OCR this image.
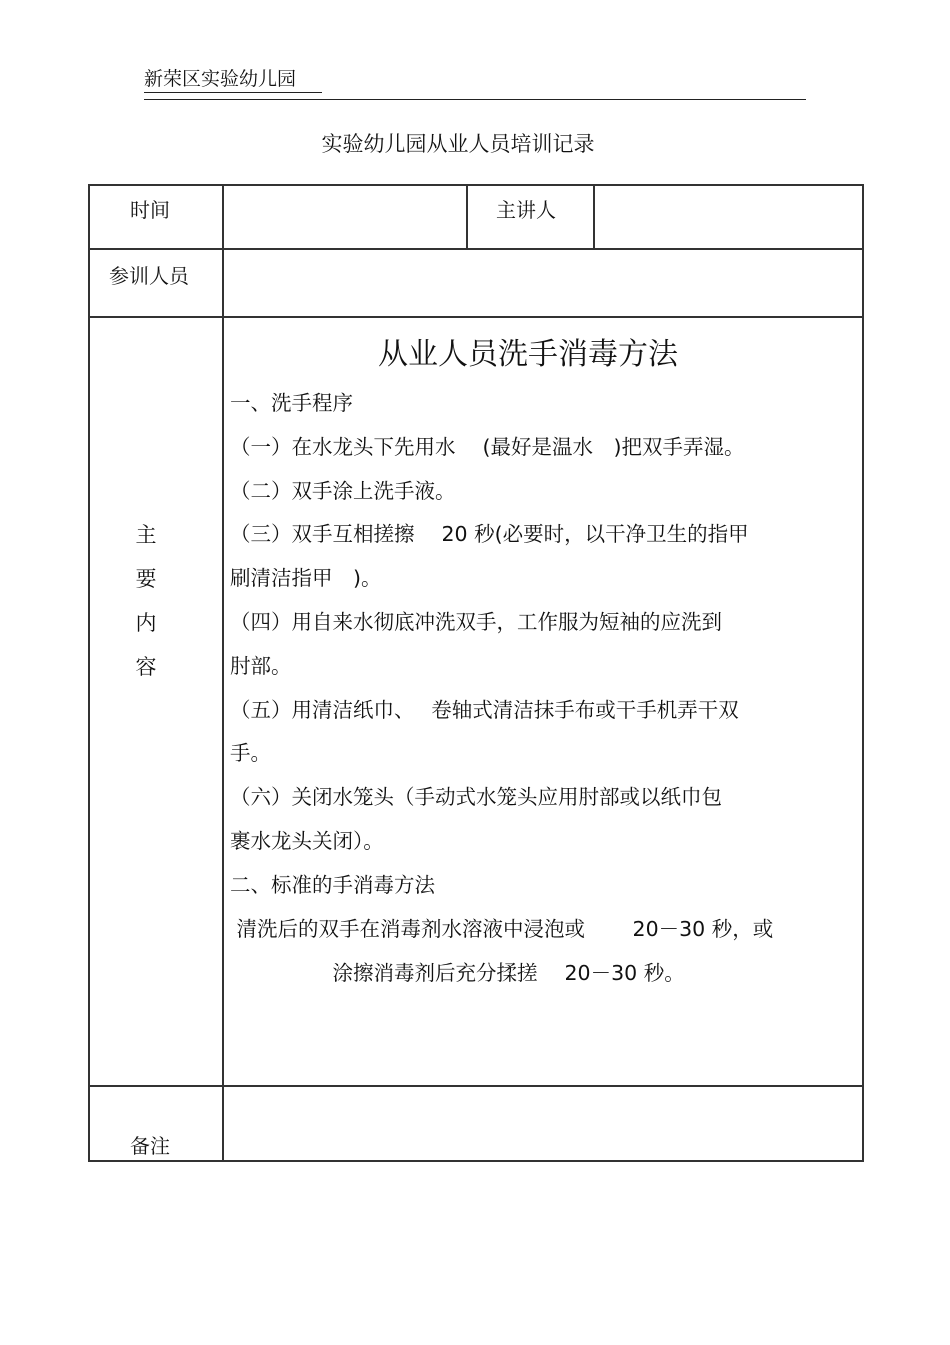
新荣区实验幼儿园
实验幼儿园从业人员培训记录
时间	主讲人
参训人员
主
要
内
容
从业人员洗手消毒方法
一、洗手程序
（一）在水龙头下先用水　 (最好是温水　)把双手弄湿。
（二）双手涂上洗手液。
（三）双手互相搓擦　 20 秒(必要时，以干净卫生的指甲
刷清洁指甲　)。
（四）用自来水彻底冲洗双手，工作服为短袖的应洗到
肘部。
（五）用清洁纸巾、　 卷轴式清洁抹手布或干手机弄干双
手。
（六）关闭水笼头（手动式水笼头应用肘部或以纸巾包
裹水龙头关闭）。
二、标准的手消毒方法
清洗后的双手在消毒剂水溶液中浸泡或　　 20－30 秒，或
　　　　　涂擦消毒剂后充分揉搓　 20－30 秒。
备注
